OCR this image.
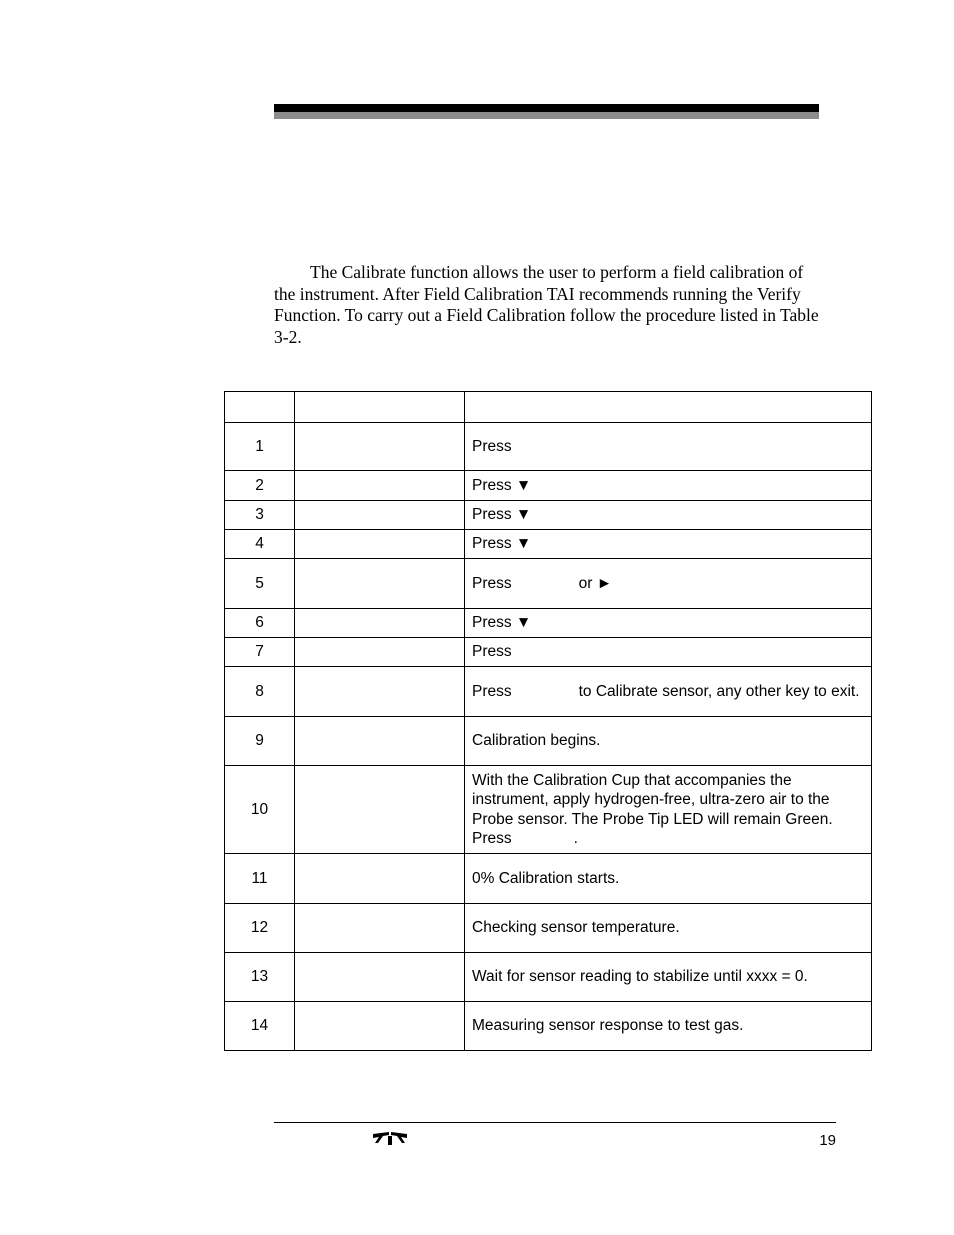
The Calibrate function allows the user to perform a field calibration of the instrument. After Field Calibration TAI recommends running the Verify Function. To carry out a Field Calibration follow the procedure listed in Table 3-2.

1		Press
2		Press ▼
3		Press ▼
4		Press ▼
5		Press or ►
6		Press ▼
7		Press
8		Press to Calibrate sensor, any other key to exit.
9		Calibration begins.
10		With the Calibration Cup that accompanies the instrument, apply hydrogen-free, ultra-zero air to the Probe sensor. The Probe Tip LED will remain Green. Press .
11		0% Calibration starts.
12		Checking sensor temperature.
13		Wait for sensor reading to stabilize until xxxx = 0.
14		Measuring sensor response to test gas.
19
